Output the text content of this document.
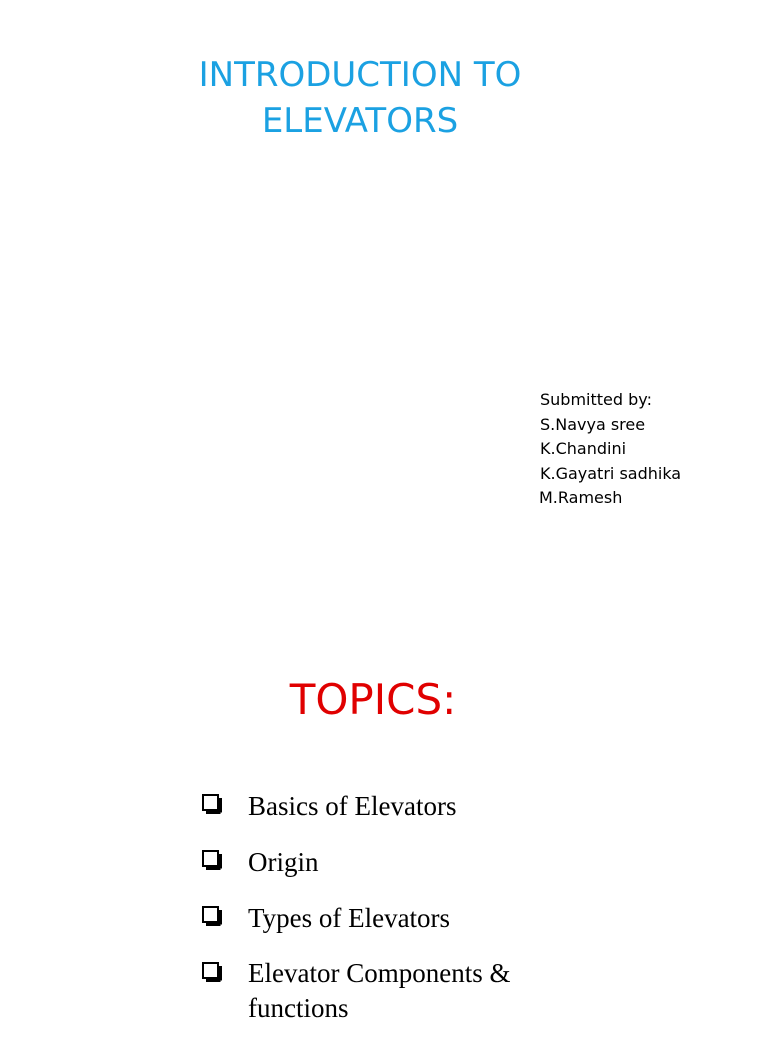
INTRODUCTION TO
ELEVATORS
Submitted by:
S.Navya sree
K.Chandini
K.Gayatri sadhika
M.Ramesh
TOPICS:
Basics of Elevators
Origin
Types of Elevators
Elevator Components & functions
